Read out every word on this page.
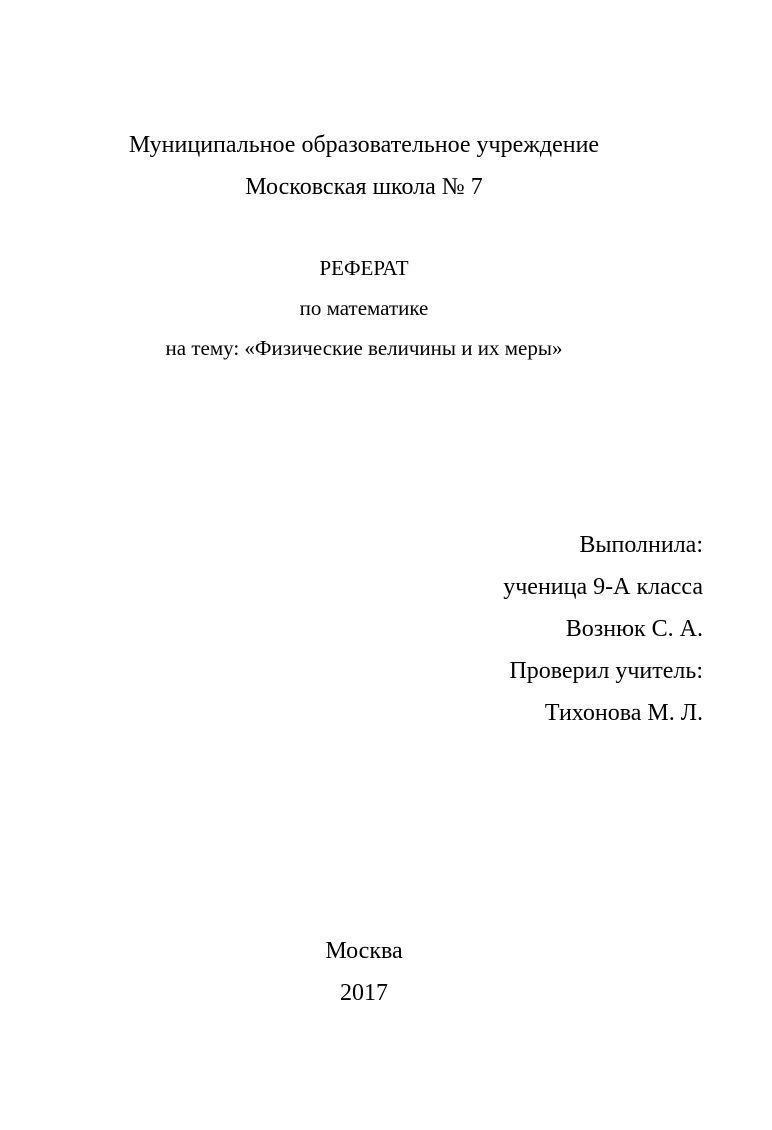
Муниципальное образовательное учреждение
Московская школа № 7
РЕФЕРАТ
по математике
на тему: «Физические величины и их меры»
Выполнила:
ученица 9-А класса
Вознюк С. А.
Проверил учитель:
Тихонова М. Л.
Москва
2017
